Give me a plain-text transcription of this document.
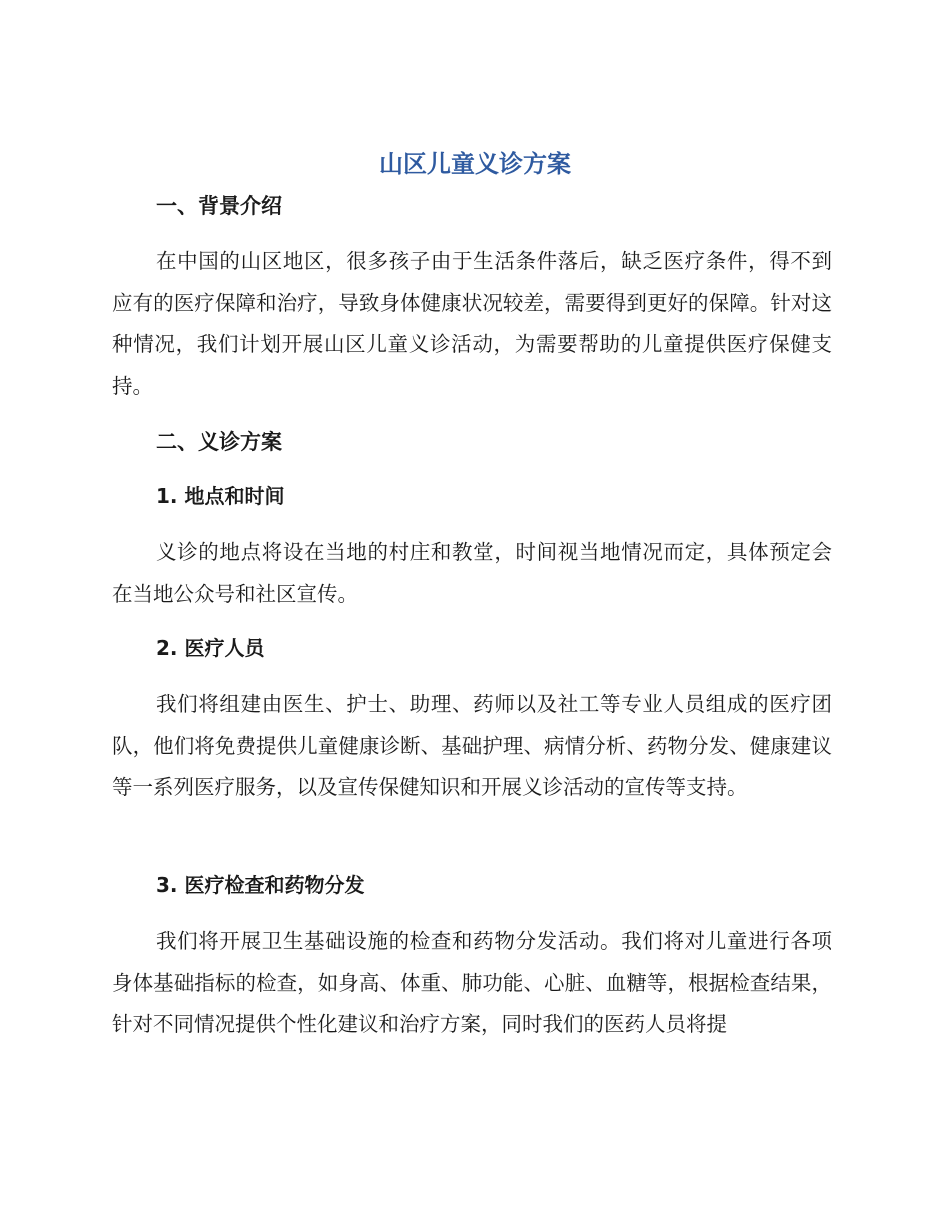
山区儿童义诊方案
一、背景介绍
在中国的山区地区，很多孩子由于生活条件落后，缺乏医疗条件，得不到应有的医疗保障和治疗，导致身体健康状况较差，需要得到更好的保障。针对这种情况，我们计划开展山区儿童义诊活动，为需要帮助的儿童提供医疗保健支持。
二、义诊方案
1. 地点和时间
义诊的地点将设在当地的村庄和教堂，时间视当地情况而定，具体预定会在当地公众号和社区宣传。
2. 医疗人员
我们将组建由医生、护士、助理、药师以及社工等专业人员组成的医疗团队，他们将免费提供儿童健康诊断、基础护理、病情分析、药物分发、健康建议等一系列医疗服务，以及宣传保健知识和开展义诊活动的宣传等支持。
3. 医疗检查和药物分发
我们将开展卫生基础设施的检查和药物分发活动。我们将对儿童进行各项身体基础指标的检查，如身高、体重、肺功能、心脏、血糖等，根据检查结果，针对不同情况提供个性化建议和治疗方案，同时我们的医药人员将提
